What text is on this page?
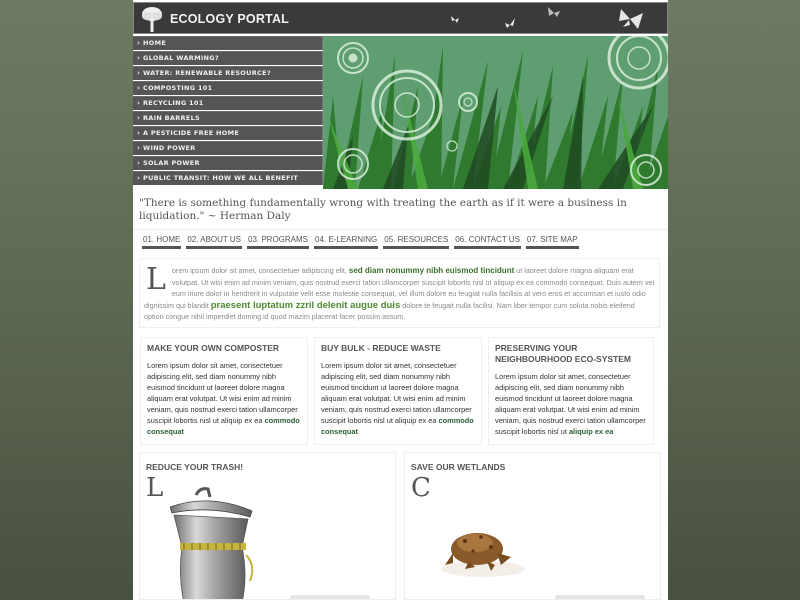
ECOLOGY PORTAL
› HOME
› GLOBAL WARMING?
› WATER: RENEWABLE RESOURCE?
› COMPOSTING 101
› RECYCLING 101
› RAIN BARRELS
› A PESTICIDE FREE HOME
› WIND POWER
› SOLAR POWER
› PUBLIC TRANSIT: HOW WE ALL BENEFIT
"There is something fundamentally wrong with treating the earth as if it were a business in liquidation." ~ Herman Daly
01. HOME 02. ABOUT US 03. PROGRAMS 04. E-LEARNING 05. RESOURCES 06. CONTACT US 07. SITE MAP
L orem ipsum dolor sit amet, consectetuer adipiscing elit, sed diam nonummy nibh euismod tincidunt ut laoreet dolore magna aliquam erat volutpat. Ut wisi enim ad minim veniam, quis nostrud exerci tation ullamcorper suscipit lobortis nisl ut aliquip ex ea commodo consequat. Duis autem vel eum iriure dolor in hendrerit in vulputate velit esse molestie consequat, vel illum dolore eu feugiat nulla facilisis at vero eros et accumsan et iusto odio dignissim qui blandit praesent luptatum zzril delenit augue duis dolore te feugait nulla facilisi. Nam liber tempor cum soluta nobis eleifend option congue nihil imperdiet doming id quod mazim placerat facer possim assum.
MAKE YOUR OWN COMPOSTER
Lorem ipsum dolor sit amet, consectetuer adipiscing elit, sed diam nonummy nibh euismod tincidunt ut laoreet dolore magna aliquam erat volutpat. Ut wisi enim ad minim veniam, quis nostrud exerci tation ullamcorper suscipit lobortis nisl ut aliquip ex ea commodo consequat
BUY BULK - REDUCE WASTE
Lorem ipsum dolor sit amet, consectetuer adipiscing elit, sed diam nonummy nibh euismod tincidunt ut laoreet dolore magna aliquam erat volutpat. Ut wisi enim ad minim veniam, quis nostrud exerci tation ullamcorper suscipit lobortis nisl ut aliquip ex ea commodo consequat
PRESERVING YOUR NEIGHBOURHOOD ECO-SYSTEM
Lorem ipsum dolor sit amet, consectetuer adipiscing elit, sed diam nonummy nibh euismod tincidunt ut laoreet dolore magna aliquam erat volutpat. Ut wisi enim ad minim veniam, quis nostrud exerci tation ullamcorper suscipit lobortis nisl ut aliquip ex ea
REDUCE YOUR TRASH!
L
SAVE OUR WETLANDS
C
